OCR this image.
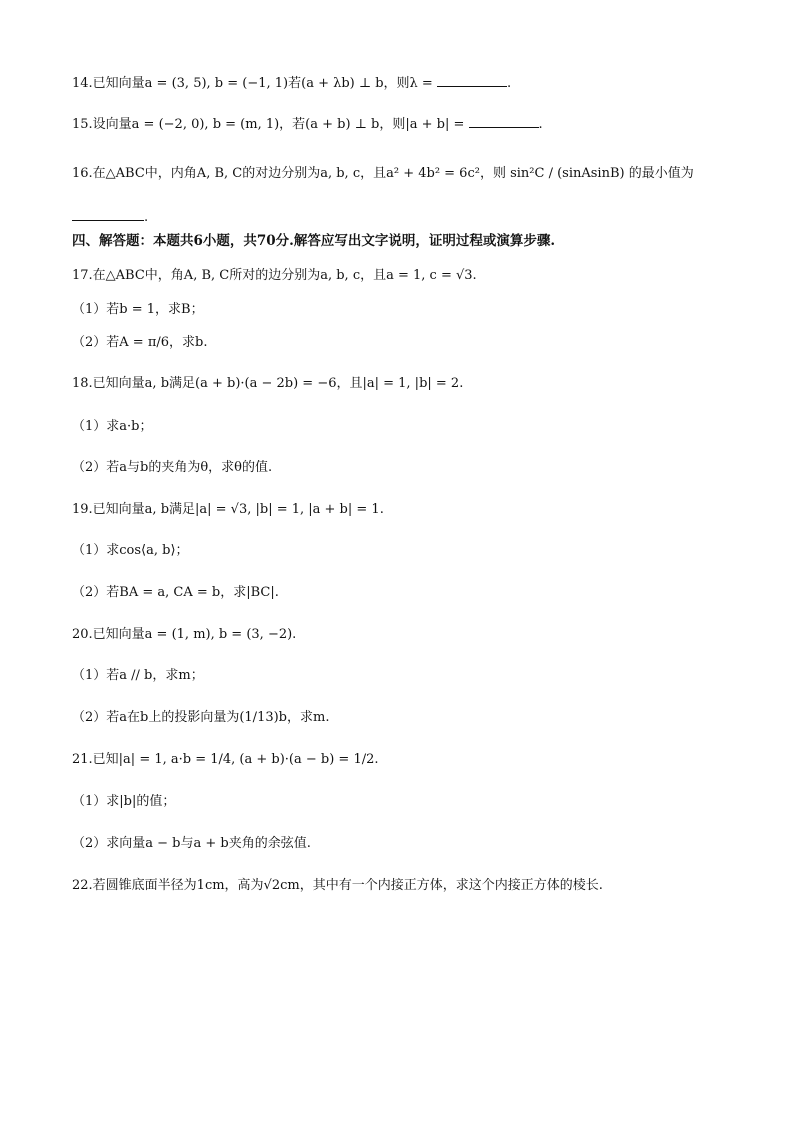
14.已知向量a = (3, 5), b = (−1, 1)若(a + λb) ⊥ b，则λ =	.
15.设向量a = (−2, 0), b = (m, 1)，若(a + b) ⊥ b，则|a + b| =	.
16.在△ABC中，内角A, B, C的对边分别为a, b, c，且a² + 4b² = 6c²，则 sin²C / (sinAsinB) 的最小值为
.
四、解答题：本题共6小题，共70分.解答应写出文字说明，证明过程或演算步骤.
17.在△ABC中，角A, B, C所对的边分别为a, b, c，且a = 1, c = √3.
（1）若b = 1，求B；
（2）若A = π/6，求b.
18.已知向量a, b满足(a + b)·(a − 2b) = −6，且|a| = 1, |b| = 2.
（1）求a·b；
（2）若a与b的夹角为θ，求θ的值.
19.已知向量a, b满足|a| = √3, |b| = 1, |a + b| = 1.
（1）求cos⟨a, b⟩；
（2）若BA = a, CA = b，求|BC|.
20.已知向量a = (1, m), b = (3, −2).
（1）若a // b，求m；
（2）若a在b上的投影向量为(1/13)b，求m.
21.已知|a| = 1, a·b = 1/4, (a + b)·(a − b) = 1/2.
（1）求|b|的值；
（2）求向量a − b与a + b夹角的余弦值.
22.若圆锥底面半径为1cm，高为√2cm，其中有一个内接正方体，求这个内接正方体的棱长.
